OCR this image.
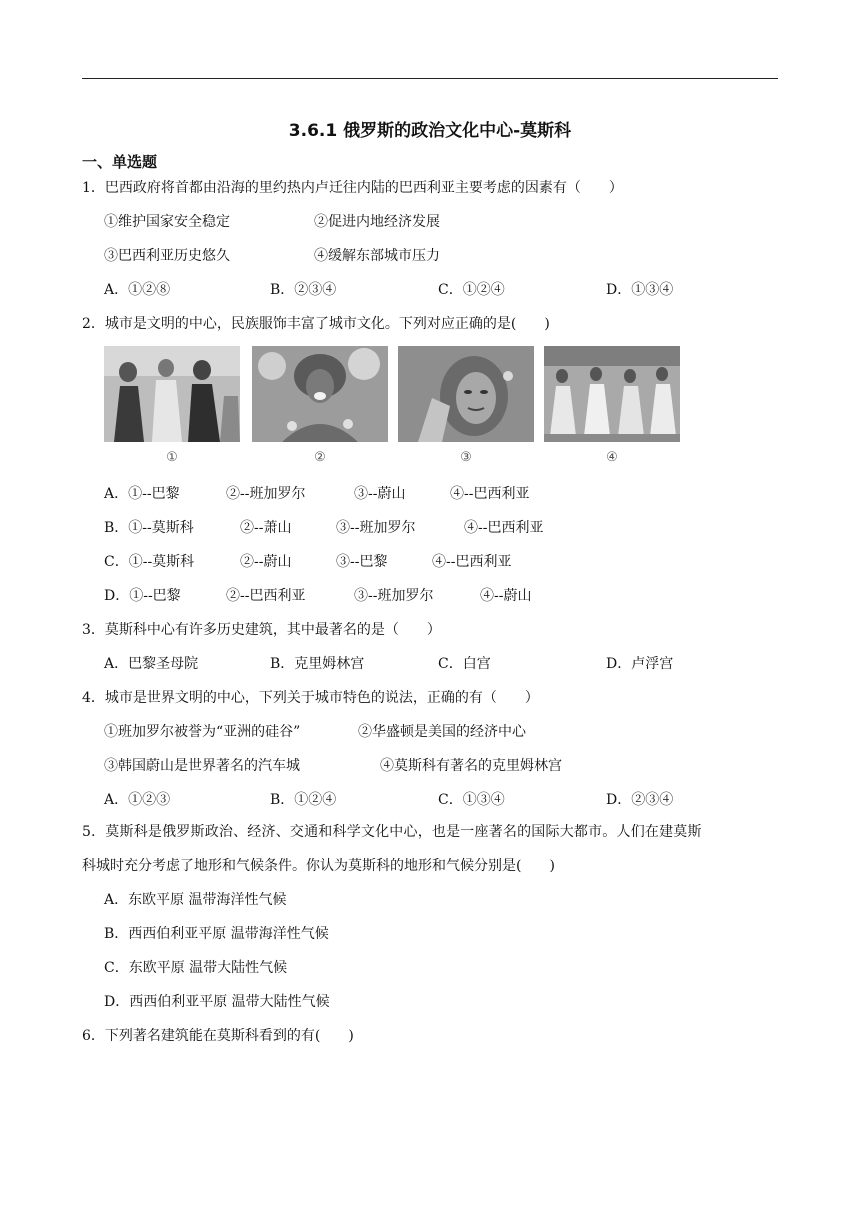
3.6.1 俄罗斯的政治文化中心-莫斯科
一、单选题
1．巴西政府将首都由沿海的里约热内卢迁往内陆的巴西利亚主要考虑的因素有（　　）
①维护国家安全稳定	②促进内地经济发展
③巴西利亚历史悠久	④缓解东部城市压力
A．①②⑧	B．②③④	C．①②④	D．①③④
2．城市是文明的中心，民族服饰丰富了城市文化。下列对应正确的是(　　)
①	②	③	④
A．①--巴黎	②--班加罗尔	③--蔚山	④--巴西利亚
B．①--莫斯科	②--萧山	③--班加罗尔	④--巴西利亚
C．①--莫斯科	②--蔚山	③--巴黎	④--巴西利亚
D．①--巴黎	②--巴西利亚	③--班加罗尔	④--蔚山
3．莫斯科中心有许多历史建筑，其中最著名的是（　　）
A．巴黎圣母院	B．克里姆林宫	C．白宫	D．卢浮宫
4．城市是世界文明的中心，下列关于城市特色的说法，正确的有（　　）
①班加罗尔被誉为“亚洲的硅谷”	②华盛顿是美国的经济中心
③韩国蔚山是世界著名的汽车城	④莫斯科有著名的克里姆林宫
A．①②③	B．①②④	C．①③④	D．②③④
5．莫斯科是俄罗斯政治、经济、交通和科学文化中心，也是一座著名的国际大都市。人们在建莫斯
科城时充分考虑了地形和气候条件。你认为莫斯科的地形和气候分别是(　　)
A．东欧平原 温带海洋性气候
B．西西伯利亚平原 温带海洋性气候
C．东欧平原 温带大陆性气候
D．西西伯利亚平原 温带大陆性气候
6．下列著名建筑能在莫斯科看到的有(　　)
